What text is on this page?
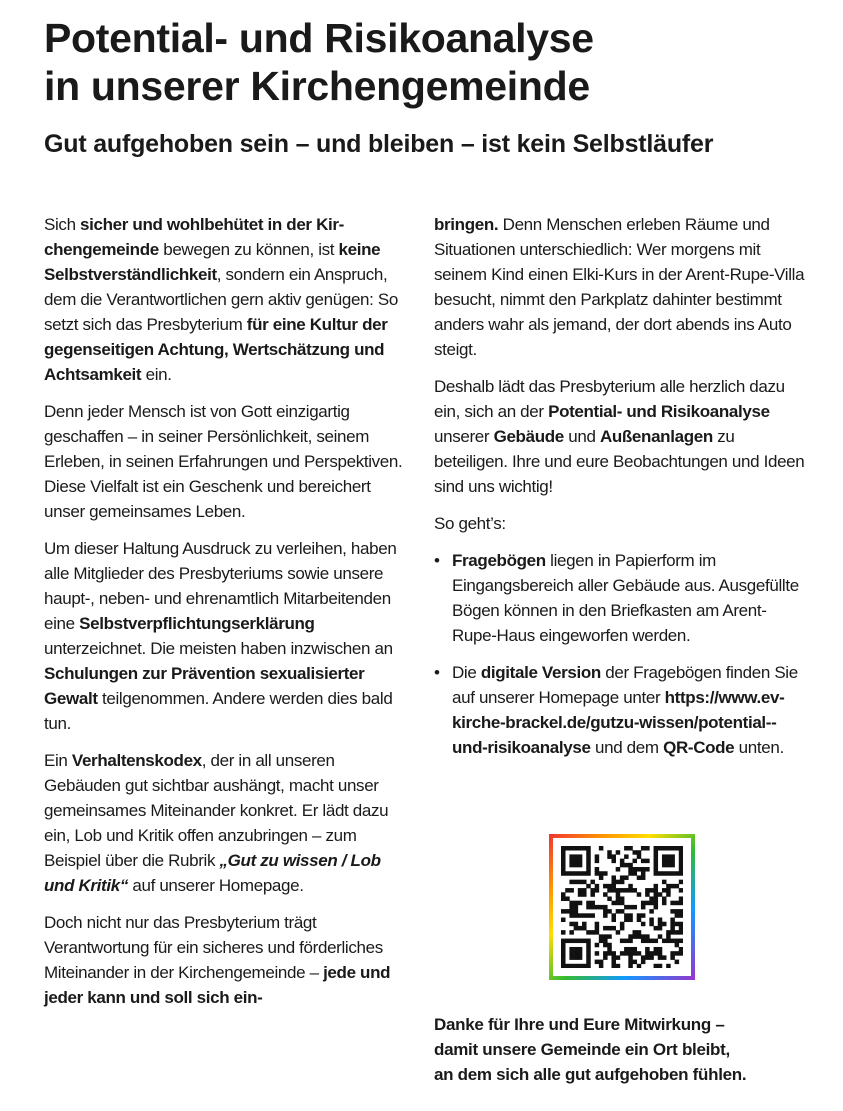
Potential- und Risikoanalyse
in unserer Kirchengemeinde
Gut aufgehoben sein – und bleiben – ist kein Selbstläufer

Sich sicher und wohlbehütet in der Kirchengemeinde bewegen zu können, ist keine Selbstverständlichkeit, sondern ein Anspruch, dem die Verantwortlichen gern aktiv genügen: So setzt sich das Presbyterium für eine Kultur der gegenseitigen Achtung, Wertschätzung und Achtsamkeit ein.

Denn jeder Mensch ist von Gott einzigartig geschaffen – in seiner Persönlichkeit, seinem Erleben, in seinen Erfahrungen und Perspektiven. Diese Vielfalt ist ein Geschenk und bereichert unser gemeinsames Leben.

Um dieser Haltung Ausdruck zu verleihen, haben alle Mitglieder des Presbyteriums sowie unsere haupt-, neben- und ehrenamtlich Mitarbeitenden eine Selbstverpflichtungserklärung unterzeichnet. Die meisten haben inzwischen an Schulungen zur Prävention sexualisierter Gewalt teilgenommen. Andere werden dies bald tun.

Ein Verhaltenskodex, der in all unseren Gebäuden gut sichtbar aushängt, macht unser gemeinsames Miteinander konkret. Er lädt dazu ein, Lob und Kritik offen anzubringen – zum Beispiel über die Rubrik „Gut zu wissen / Lob und Kritik“ auf unserer Homepage.

Doch nicht nur das Presbyterium trägt Verantwortung für ein sicheres und förderliches Miteinander in der Kirchengemeinde – jede und jeder kann und soll sich ein-

bringen. Denn Menschen erleben Räume und Situationen unterschiedlich: Wer morgens mit seinem Kind einen Elki-Kurs in der Arent-Rupe-Villa besucht, nimmt den Parkplatz dahinter bestimmt anders wahr als jemand, der dort abends ins Auto steigt.

Deshalb lädt das Presbyterium alle herzlich dazu ein, sich an der Potential- und Risikoanalyse unserer Gebäude und Außenanlagen zu beteiligen. Ihre und eure Beobachtungen und Ideen sind uns wichtig!

So geht’s:

• Fragebögen liegen in Papierform im Eingangsbereich aller Gebäude aus. Ausgefüllte Bögen können in den Briefkasten am Arent-Rupe-Haus eingeworfen werden.
• Die digitale Version der Fragebögen finden Sie auf unserer Homepage unter https://www.ev-kirche-brackel.de/gutzu-wissen/potential--und-risikoanalyse und dem QR-Code unten.

Danke für Ihre und Eure Mitwirkung –
damit unsere Gemeinde ein Ort bleibt,
an dem sich alle gut aufgehoben fühlen.
